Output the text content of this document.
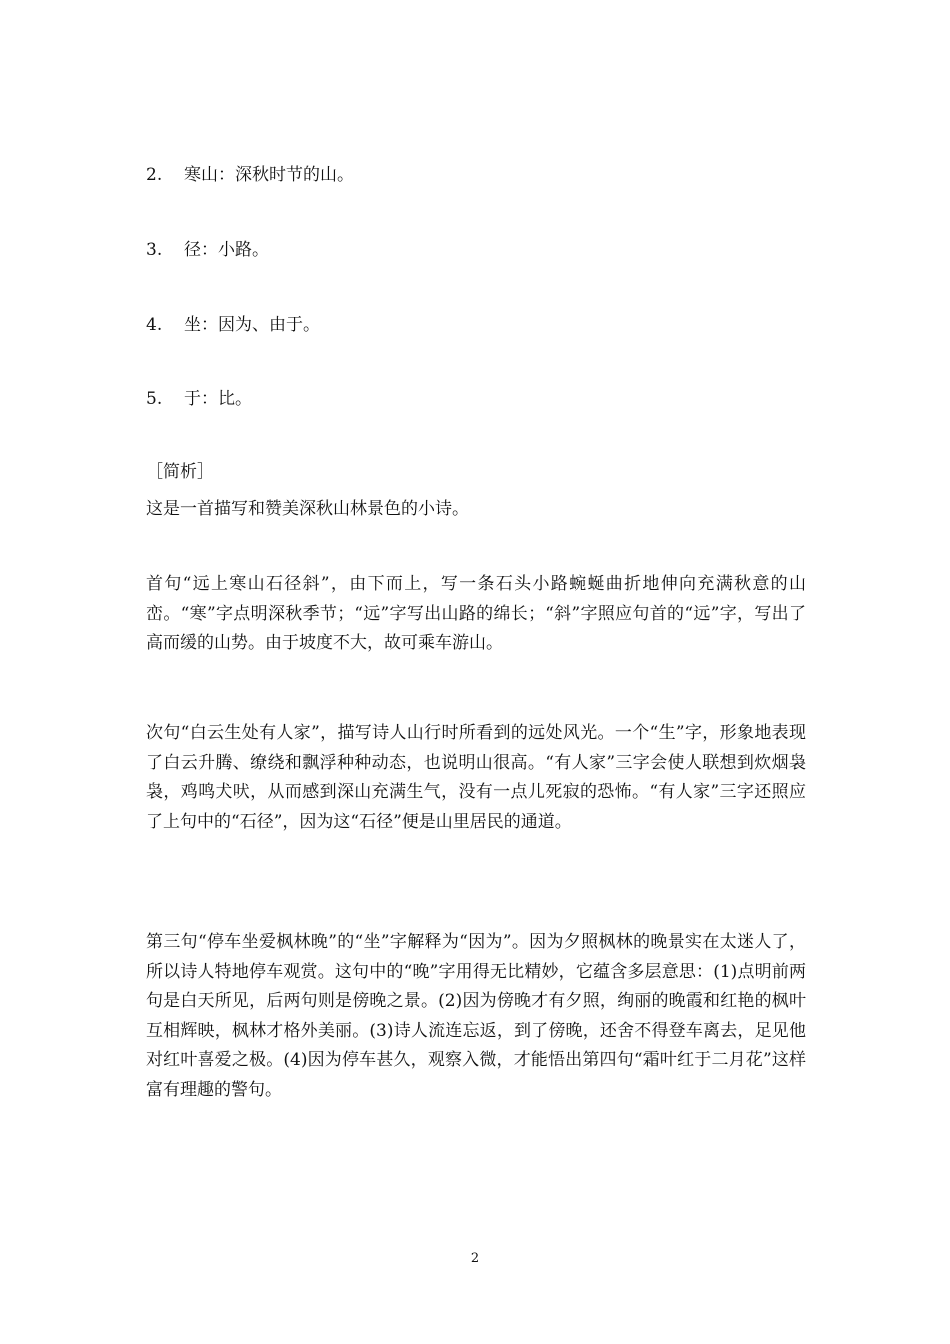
2. 寒山：深秋时节的山。

3. 径：小路。

4. 坐：因为、由于。

5. 于：比。

［简析］

这是一首描写和赞美深秋山林景色的小诗。

首句“远上寒山石径斜”，由下而上，写一条石头小路蜿蜒曲折地伸向充满秋意的山峦。“寒”字点明深秋季节；“远”字写出山路的绵长；“斜”字照应句首的“远”字，写出了高而缓的山势。由于坡度不大，故可乘车游山。

次句“白云生处有人家”，描写诗人山行时所看到的远处风光。一个“生”字，形象地表现了白云升腾、缭绕和飘浮种种动态，也说明山很高。“有人家”三字会使人联想到炊烟袅袅，鸡鸣犬吠，从而感到深山充满生气，没有一点儿死寂的恐怖。“有人家”三字还照应了上句中的“石径”，因为这“石径”便是山里居民的通道。

第三句“停车坐爱枫林晚”的“坐”字解释为“因为”。因为夕照枫林的晚景实在太迷人了，所以诗人特地停车观赏。这句中的“晚”字用得无比精妙，它蕴含多层意思：(1)点明前两句是白天所见，后两句则是傍晚之景。(2)因为傍晚才有夕照，绚丽的晚霞和红艳的枫叶互相辉映，枫林才格外美丽。(3)诗人流连忘返，到了傍晚，还舍不得登车离去，足见他对红叶喜爱之极。(4)因为停车甚久，观察入微，才能悟出第四句“霜叶红于二月花”这样富有理趣的警句。

2
